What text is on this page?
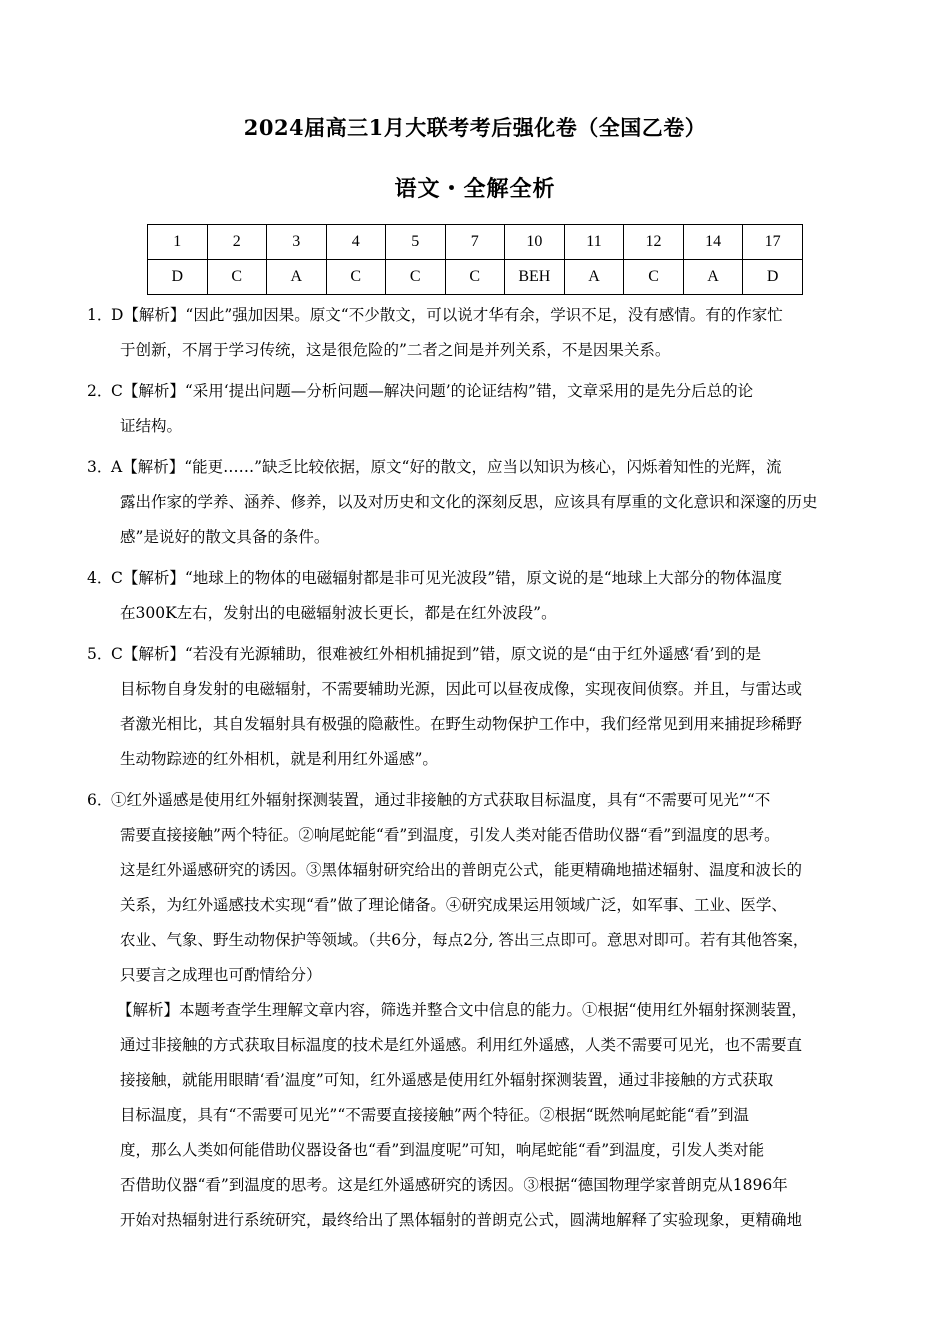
2024届高三1月大联考考后强化卷（全国乙卷）
语文・全解全析
1	2	3	4	5	7	10	11	12	14	17
D	C	A	C	C	C	BEH	A	C	A	D
1．D【解析】“因此”强加因果。原文“不少散文，可以说才华有余，学识不足，没有感情。有的作家忙
于创新，不屑于学习传统，这是很危险的”二者之间是并列关系，不是因果关系。
2．C【解析】“采用‘提出问题—分析问题—解决问题’的论证结构”错，文章采用的是先分后总的论
证结构。
3．A【解析】“能更……”缺乏比较依据，原文“好的散文，应当以知识为核心，闪烁着知性的光辉，流
露出作家的学养、涵养、修养，以及对历史和文化的深刻反思，应该具有厚重的文化意识和深邃的历史
感”是说好的散文具备的条件。
4．C【解析】“地球上的物体的电磁辐射都是非可见光波段”错，原文说的是“地球上大部分的物体温度
在300K左右，发射出的电磁辐射波长更长，都是在红外波段”。
5．C【解析】“若没有光源辅助，很难被红外相机捕捉到”错，原文说的是“由于红外遥感‘看’到的是
目标物自身发射的电磁辐射，不需要辅助光源，因此可以昼夜成像，实现夜间侦察。并且，与雷达或
者激光相比，其自发辐射具有极强的隐蔽性。在野生动物保护工作中，我们经常见到用来捕捉珍稀野
生动物踪迹的红外相机，就是利用红外遥感”。
6．①红外遥感是使用红外辐射探测装置，通过非接触的方式获取目标温度，具有“不需要可见光”“不
需要直接接触”两个特征。②响尾蛇能“看”到温度，引发人类对能否借助仪器“看”到温度的思考。
这是红外遥感研究的诱因。③黑体辐射研究给出的普朗克公式，能更精确地描述辐射、温度和波长的
关系，为红外遥感技术实现“看”做了理论储备。④研究成果运用领域广泛，如军事、工业、医学、
农业、气象、野生动物保护等领域。（共6分，每点2分, 答出三点即可。意思对即可。若有其他答案，
只要言之成理也可酌情给分）
【解析】本题考查学生理解文章内容，筛选并整合文中信息的能力。①根据“使用红外辐射探测装置，
通过非接触的方式获取目标温度的技术是红外遥感。利用红外遥感，人类不需要可见光，也不需要直
接接触，就能用眼睛‘看’温度”可知，红外遥感是使用红外辐射探测装置，通过非接触的方式获取
目标温度，具有“不需要可见光”“不需要直接接触”两个特征。②根据“既然响尾蛇能“看”到温
度，那么人类如何能借助仪器设备也“看”到温度呢”可知，响尾蛇能“看”到温度，引发人类对能
否借助仪器“看”到温度的思考。这是红外遥感研究的诱因。③根据“德国物理学家普朗克从1896年
开始对热辐射进行系统研究，最终给出了黑体辐射的普朗克公式，圆满地解释了实验现象，更精确地
